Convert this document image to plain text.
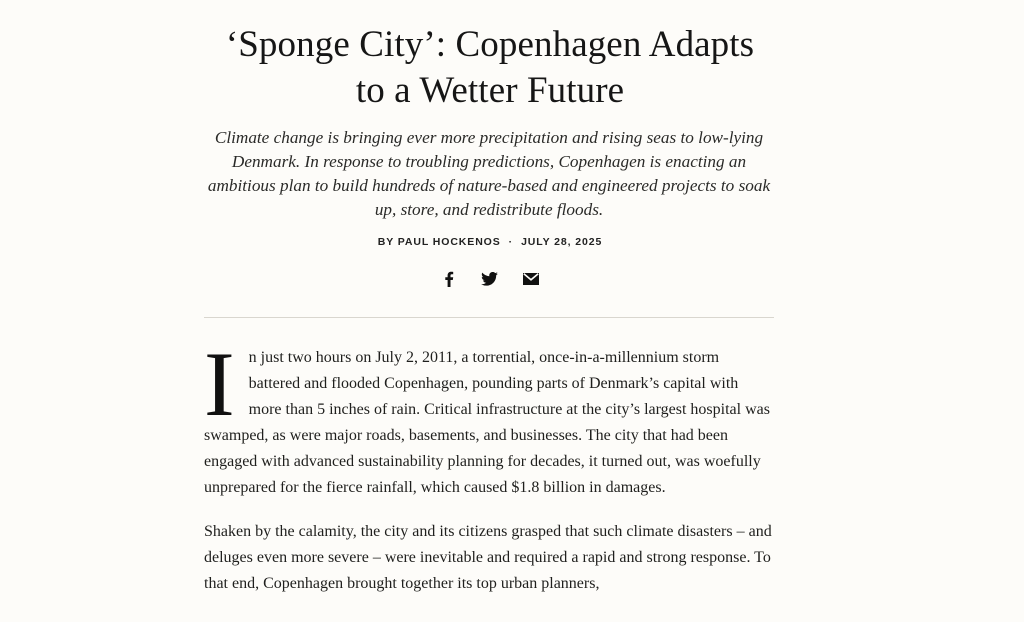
‘Sponge City’: Copenhagen Adapts to a Wetter Future

Climate change is bringing ever more precipitation and rising seas to low-lying Denmark. In response to troubling predictions, Copenhagen is enacting an ambitious plan to build hundreds of nature-based and engineered projects to soak up, store, and redistribute floods.

BY PAUL HOCKENOS · JULY 28, 2025

In just two hours on July 2, 2011, a torrential, once-in-a-millennium storm battered and flooded Copenhagen, pounding parts of Denmark’s capital with more than 5 inches of rain. Critical infrastructure at the city’s largest hospital was swamped, as were major roads, basements, and businesses. The city that had been engaged with advanced sustainability planning for decades, it turned out, was woefully unprepared for the fierce rainfall, which caused $1.8 billion in damages.

Shaken by the calamity, the city and its citizens grasped that such climate disasters – and deluges even more severe – were inevitable and required a rapid and strong response. To that end, Copenhagen brought together its top urban planners,
